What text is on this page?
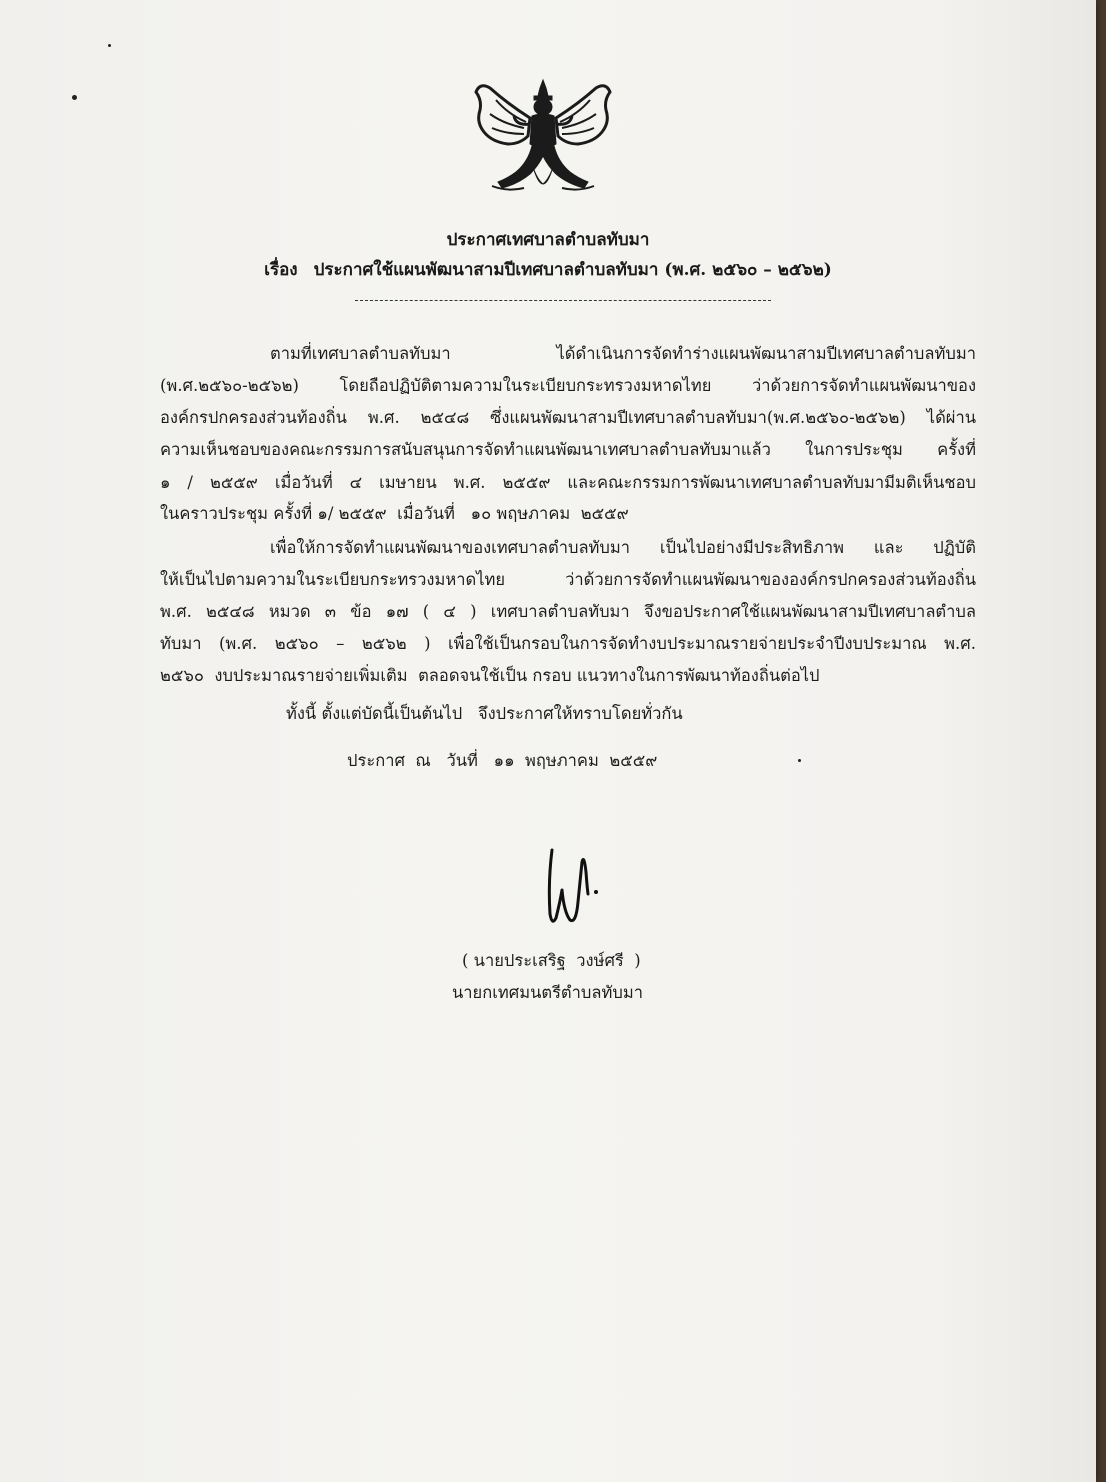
ประกาศเทศบาลตำบลทับมา
เรื่อง ประกาศใช้แผนพัฒนาสามปีเทศบาลตำบลทับมา (พ.ศ. ๒๕๖๐ – ๒๕๖๒)
ตามที่เทศบาลตำบลทับมา ได้ดำเนินการจัดทำร่างแผนพัฒนาสามปีเทศบาลตำบลทับมา
(พ.ศ.๒๕๖๐-๒๕๖๒) โดยถือปฏิบัติตามความในระเบียบกระทรวงมหาดไทย ว่าด้วยการจัดทำแผนพัฒนาของ
องค์กรปกครองส่วนท้องถิ่น พ.ศ. ๒๕๔๘ ซึ่งแผนพัฒนาสามปีเทศบาลตำบลทับมา(พ.ศ.๒๕๖๐-๒๕๖๒) ได้ผ่าน
ความเห็นชอบของคณะกรรมการสนับสนุนการจัดทำแผนพัฒนาเทศบาลตำบลทับมาแล้ว ในการประชุม ครั้งที่
๑ / ๒๕๕๙ เมื่อวันที่ ๔ เมษายน พ.ศ. ๒๕๕๙ และคณะกรรมการพัฒนาเทศบาลตำบลทับมามีมติเห็นชอบ
ในคราวประชุม ครั้งที่ ๑/ ๒๕๕๙  เมื่อวันที่   ๑๐ พฤษภาคม  ๒๕๕๙
เพื่อให้การจัดทำแผนพัฒนาของเทศบาลตำบลทับมา เป็นไปอย่างมีประสิทธิภาพ และ ปฏิบัติ
ให้เป็นไปตามความในระเบียบกระทรวงมหาดไทย ว่าด้วยการจัดทำแผนพัฒนาขององค์กรปกครองส่วนท้องถิ่น
พ.ศ. ๒๕๔๘ หมวด ๓ ข้อ ๑๗ ( ๔ ) เทศบาลตำบลทับมา จึงขอประกาศใช้แผนพัฒนาสามปีเทศบาลตำบล
ทับมา (พ.ศ. ๒๕๖๐ – ๒๕๖๒ ) เพื่อใช้เป็นกรอบในการจัดทำงบประมาณรายจ่ายประจำปีงบประมาณ พ.ศ.
๒๕๖๐  งบประมาณรายจ่ายเพิ่มเติม  ตลอดจนใช้เป็น กรอบ แนวทางในการพัฒนาท้องถิ่นต่อไป
ทั้งนี้ ตั้งแต่บัดนี้เป็นต้นไป   จึงประกาศให้ทราบโดยทั่วกัน
ประกาศ  ณ   วันที่   ๑๑  พฤษภาคม  ๒๕๕๙
( นายประเสริฐ  วงษ์ศรี  )
นายกเทศมนตรีตำบลทับมา
